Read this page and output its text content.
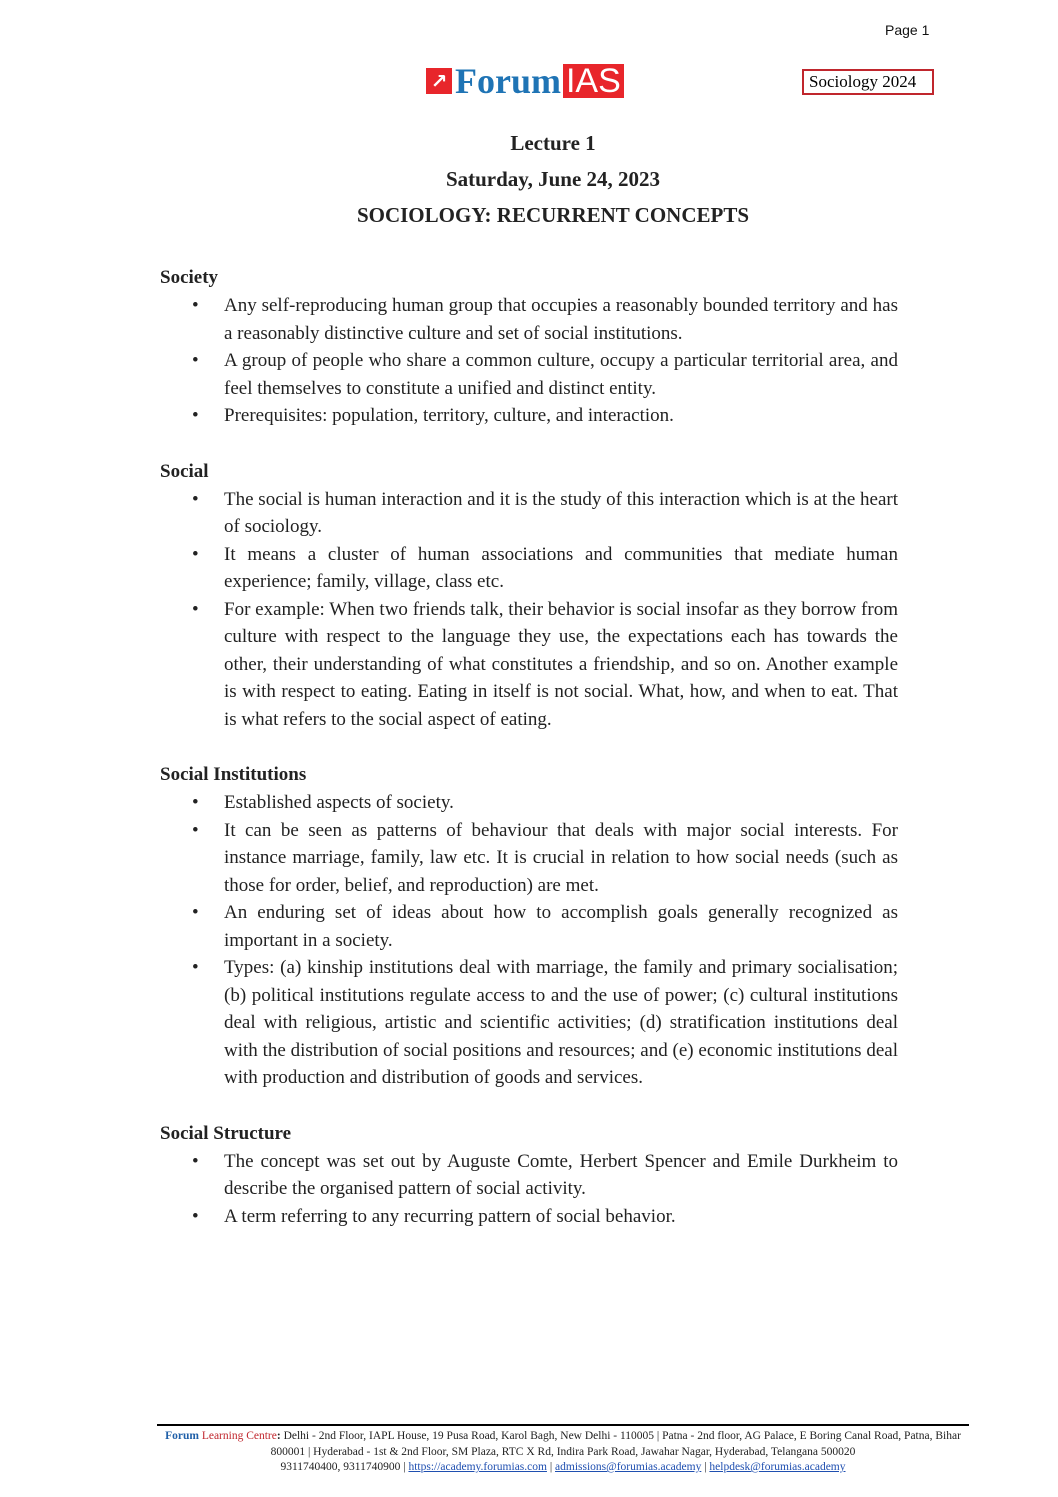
Page 1
↗ Forum IAS	Sociology 2024
Lecture 1
Saturday, June 24, 2023
SOCIOLOGY: RECURRENT CONCEPTS
Society
• Any self-reproducing human group that occupies a reasonably bounded territory and has a reasonably distinctive culture and set of social institutions.
• A group of people who share a common culture, occupy a particular territorial area, and feel themselves to constitute a unified and distinct entity.
• Prerequisites: population, territory, culture, and interaction.
Social
• The social is human interaction and it is the study of this interaction which is at the heart of sociology.
• It means a cluster of human associations and communities that mediate human experience; family, village, class etc.
• For example: When two friends talk, their behavior is social insofar as they borrow from culture with respect to the language they use, the expectations each has towards the other, their understanding of what constitutes a friendship, and so on. Another example is with respect to eating. Eating in itself is not social. What, how, and when to eat. That is what refers to the social aspect of eating.
Social Institutions
• Established aspects of society.
• It can be seen as patterns of behaviour that deals with major social interests. For instance marriage, family, law etc. It is crucial in relation to how social needs (such as those for order, belief, and reproduction) are met.
• An enduring set of ideas about how to accomplish goals generally recognized as important in a society.
• Types: (a) kinship institutions deal with marriage, the family and primary socialisation; (b) political institutions regulate access to and the use of power; (c) cultural institutions deal with religious, artistic and scientific activities; (d) stratification institutions deal with the distribution of social positions and resources; and (e) economic institutions deal with production and distribution of goods and services.
Social Structure
• The concept was set out by Auguste Comte, Herbert Spencer and Emile Durkheim to describe the organised pattern of social activity.
• A term referring to any recurring pattern of social behavior.
Forum Learning Centre: Delhi - 2nd Floor, IAPL House, 19 Pusa Road, Karol Bagh, New Delhi - 110005 | Patna - 2nd floor, AG Palace, E Boring Canal Road, Patna, Bihar 800001 | Hyderabad - 1st & 2nd Floor, SM Plaza, RTC X Rd, Indira Park Road, Jawahar Nagar, Hyderabad, Telangana 500020
9311740400, 9311740900 | https://academy.forumias.com | admissions@forumias.academy | helpdesk@forumias.academy
